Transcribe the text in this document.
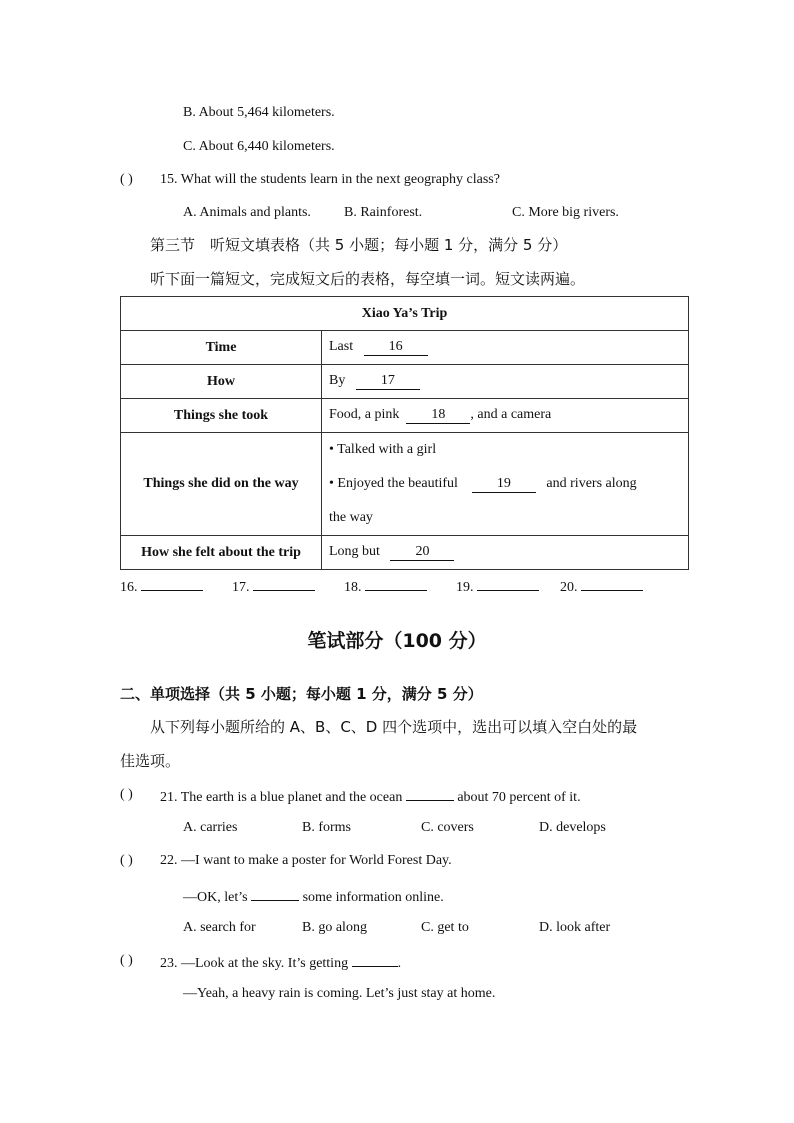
B. About 5,464 kilometers.
C. About 6,440 kilometers.
( ) 15. What will the students learn in the next geography class?
A. Animals and plants. B. Rainforest.	C. More big rivers.
第三节　听短文填表格（共 5 小题；每小题 1 分，满分 5 分）
听下面一篇短文，完成短文后的表格，每空填一词。短文读两遍。
Xiao Ya’s Trip	
Time	Last 16
How	By 17
Things she took	Food, a pink 18 , and a camera
Things she did on the way	• Talked with a girl
• Enjoyed the beautiful 19 and rivers along
the way

How she felt about the trip	Long but 20
16.	17.	18.	19.	20.
笔试部分（100 分）
二、单项选择（共 5 小题；每小题 1 分，满分 5 分）
从下列每小题所给的 A、B、C、D 四个选项中，选出可以填入空白处的最
佳选项。
( ) 21. The earth is a blue planet and the ocean	about 70 percent of it.
A. carries	B. forms	C. covers	D. develops
( ) 22. —I want to make a poster for World Forest Day.
—OK, let’s	some information online.
A. search for	B. go along	C. get to	D. look after
( ) 23. —Look at the sky. It’s getting	.
—Yeah, a heavy rain is coming. Let’s just stay at home.
